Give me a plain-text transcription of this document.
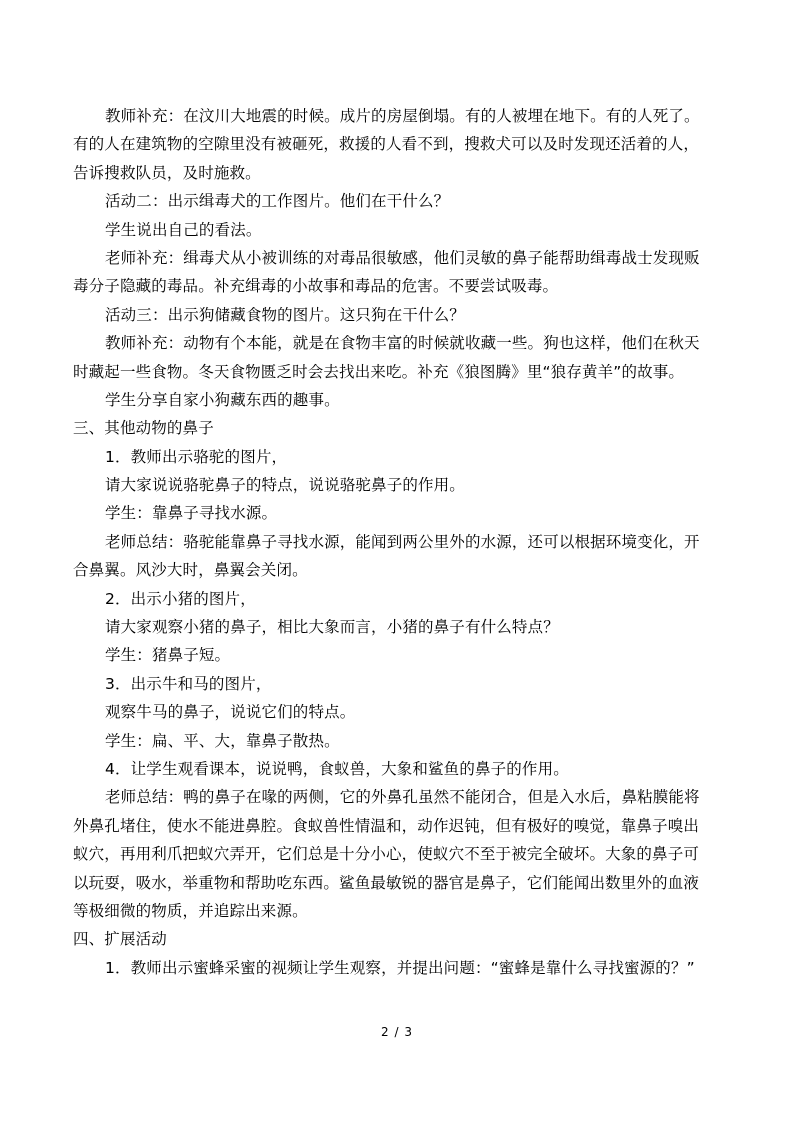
教师补充：在汶川大地震的时候。成片的房屋倒塌。有的人被埋在地下。有的人死了。
有的人在建筑物的空隙里没有被砸死，救援的人看不到，搜救犬可以及时发现还活着的人，
告诉搜救队员，及时施救。
活动二：出示缉毒犬的工作图片。他们在干什么？
学生说出自己的看法。
老师补充：缉毒犬从小被训练的对毒品很敏感，他们灵敏的鼻子能帮助缉毒战士发现贩
毒分子隐藏的毒品。补充缉毒的小故事和毒品的危害。不要尝试吸毒。
活动三：出示狗储藏食物的图片。这只狗在干什么？
教师补充：动物有个本能，就是在食物丰富的时候就收藏一些。狗也这样，他们在秋天
时藏起一些食物。冬天食物匮乏时会去找出来吃。补充《狼图腾》里“狼存黄羊”的故事。
学生分享自家小狗藏东西的趣事。
三、其他动物的鼻子
1．教师出示骆驼的图片，
请大家说说骆驼鼻子的特点，说说骆驼鼻子的作用。
学生：靠鼻子寻找水源。
老师总结：骆驼能靠鼻子寻找水源，能闻到两公里外的水源，还可以根据环境变化，开
合鼻翼。风沙大时，鼻翼会关闭。
2．出示小猪的图片，
请大家观察小猪的鼻子，相比大象而言，小猪的鼻子有什么特点？
学生：猪鼻子短。
3．出示牛和马的图片，
观察牛马的鼻子，说说它们的特点。
学生：扁、平、大，靠鼻子散热。
4．让学生观看课本，说说鸭，食蚁兽，大象和鲨鱼的鼻子的作用。
老师总结：鸭的鼻子在喙的两侧，它的外鼻孔虽然不能闭合，但是入水后，鼻粘膜能将
外鼻孔堵住，使水不能进鼻腔。食蚁兽性情温和，动作迟钝，但有极好的嗅觉，靠鼻子嗅出
蚁穴，再用利爪把蚁穴弄开，它们总是十分小心，使蚁穴不至于被完全破坏。大象的鼻子可
以玩耍，吸水，举重物和帮助吃东西。鲨鱼最敏锐的器官是鼻子，它们能闻出数里外的血液
等极细微的物质，并追踪出来源。
四、扩展活动
1．教师出示蜜蜂采蜜的视频让学生观察，并提出问题：“蜜蜂是靠什么寻找蜜源的？”
2 / 3
